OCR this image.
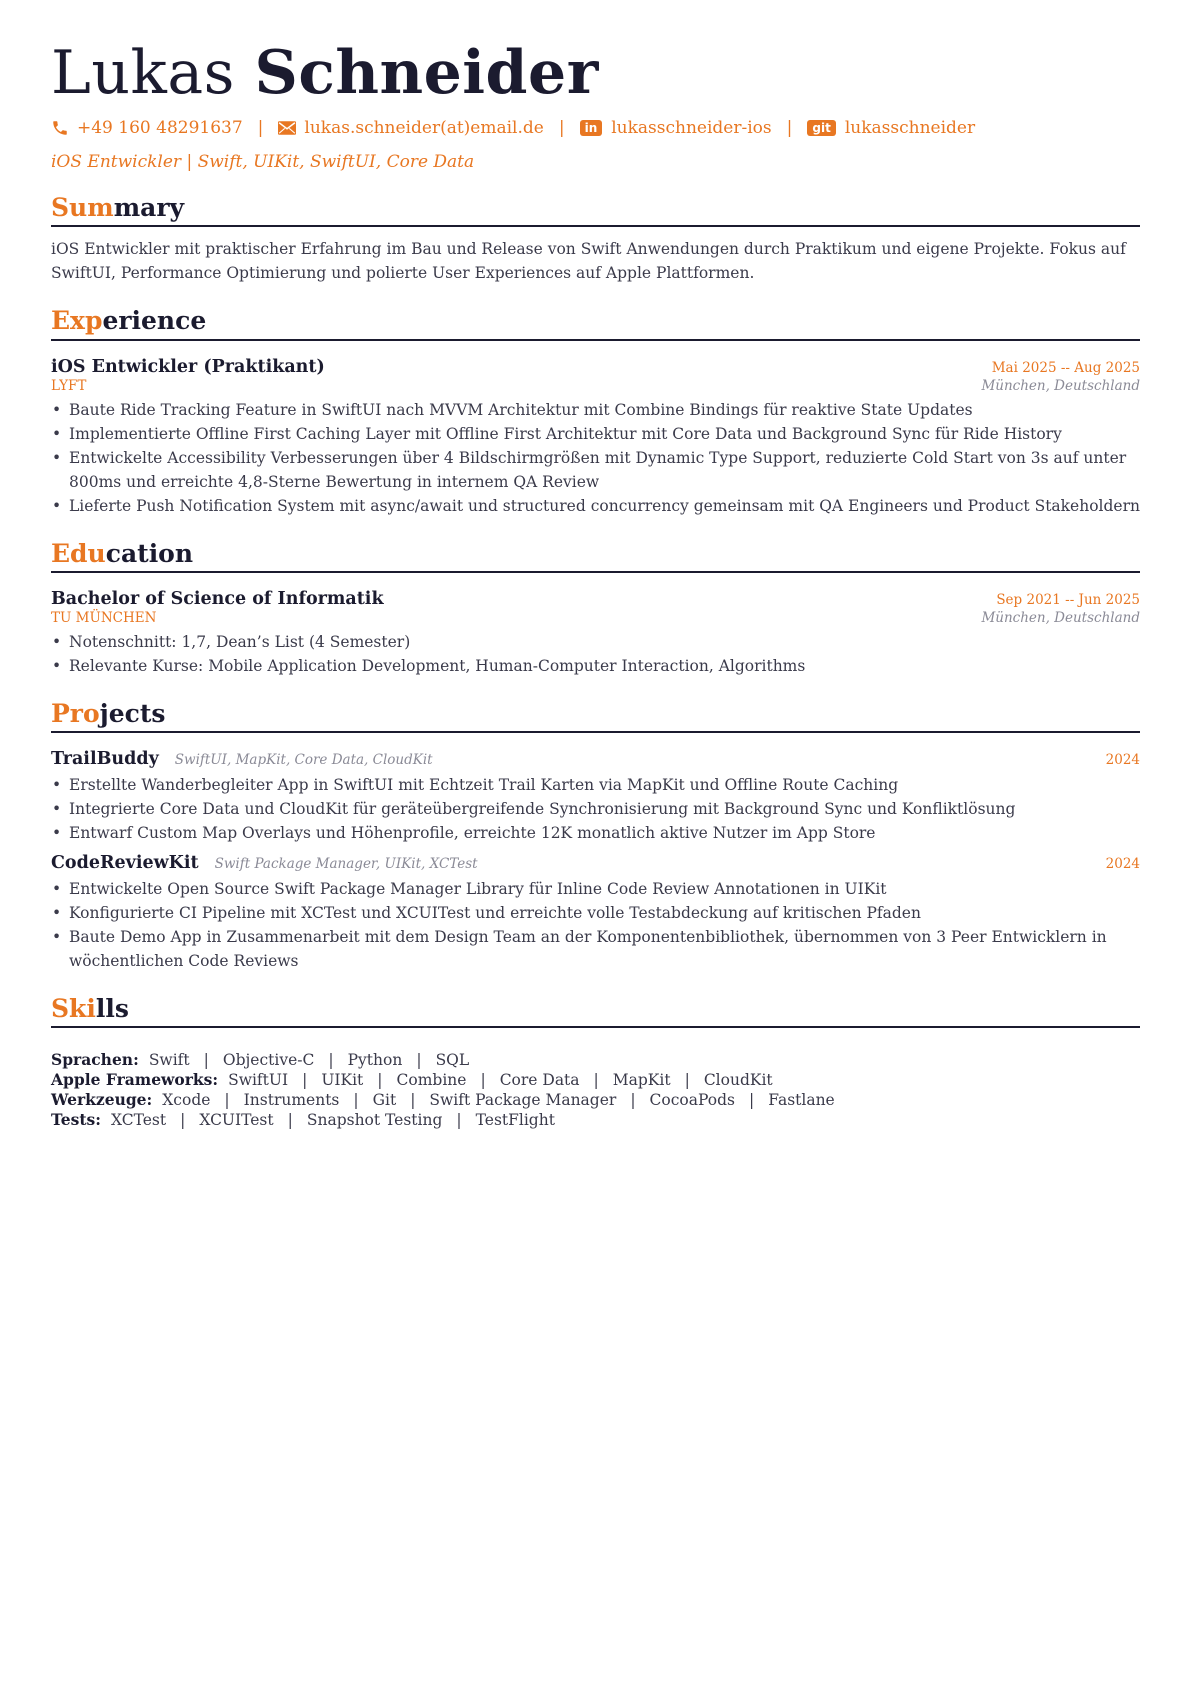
Lukas Schneider
+49 160 48291637 | lukas.schneider(at)email.de |	in lukasschneider-ios |	git lukasschneider
iOS Entwickler | Swift, UIKit, SwiftUI, Core Data
Summary
iOS Entwickler mit praktischer Erfahrung im Bau und Release von Swift Anwendungen durch Praktikum und eigene Projekte. Fokus auf SwiftUI, Performance Optimierung und polierte User Experiences auf Apple Plattformen.
Experience
iOS Entwickler (Praktikant)	Mai 2025 -- Aug 2025
LYFT	München, Deutschland
• Baute Ride Tracking Feature in SwiftUI nach MVVM Architektur mit Combine Bindings für reaktive State Updates
• Implementierte Offline First Caching Layer mit Offline First Architektur mit Core Data und Background Sync für Ride History
• Entwickelte Accessibility Verbesserungen über 4 Bildschirmgrößen mit Dynamic Type Support, reduzierte Cold Start von 3s auf unter 800ms und erreichte 4,8-Sterne Bewertung in internem QA Review
• Lieferte Push Notification System mit async/await und structured concurrency gemeinsam mit QA Engineers und Product Stakeholdern
Education
Bachelor of Science of Informatik	Sep 2021 -- Jun 2025
TU MÜNCHEN	München, Deutschland
• Notenschnitt: 1,7, Dean’s List (4 Semester)
• Relevante Kurse: Mobile Application Development, Human-Computer Interaction, Algorithms
Projects
TrailBuddy SwiftUI, MapKit, Core Data, CloudKit	2024
• Erstellte Wanderbegleiter App in SwiftUI mit Echtzeit Trail Karten via MapKit und Offline Route Caching
• Integrierte Core Data und CloudKit für geräteübergreifende Synchronisierung mit Background Sync und Konfliktlösung
• Entwarf Custom Map Overlays und Höhenprofile, erreichte 12K monatlich aktive Nutzer im App Store
CodeReviewKit Swift Package Manager, UIKit, XCTest	2024
• Entwickelte Open Source Swift Package Manager Library für Inline Code Review Annotationen in UIKit
• Konfigurierte CI Pipeline mit XCTest und XCUITest und erreichte volle Testabdeckung auf kritischen Pfaden
• Baute Demo App in Zusammenarbeit mit dem Design Team an der Komponentenbibliothek, übernommen von 3 Peer Entwicklern in wöchentlichen Code Reviews
Skills
Sprachen: Swift | Objective-C | Python | SQL
Apple Frameworks: SwiftUI | UIKit | Combine | Core Data | MapKit | CloudKit
Werkzeuge: Xcode | Instruments | Git | Swift Package Manager | CocoaPods | Fastlane
Tests: XCTest | XCUITest | Snapshot Testing | TestFlight
